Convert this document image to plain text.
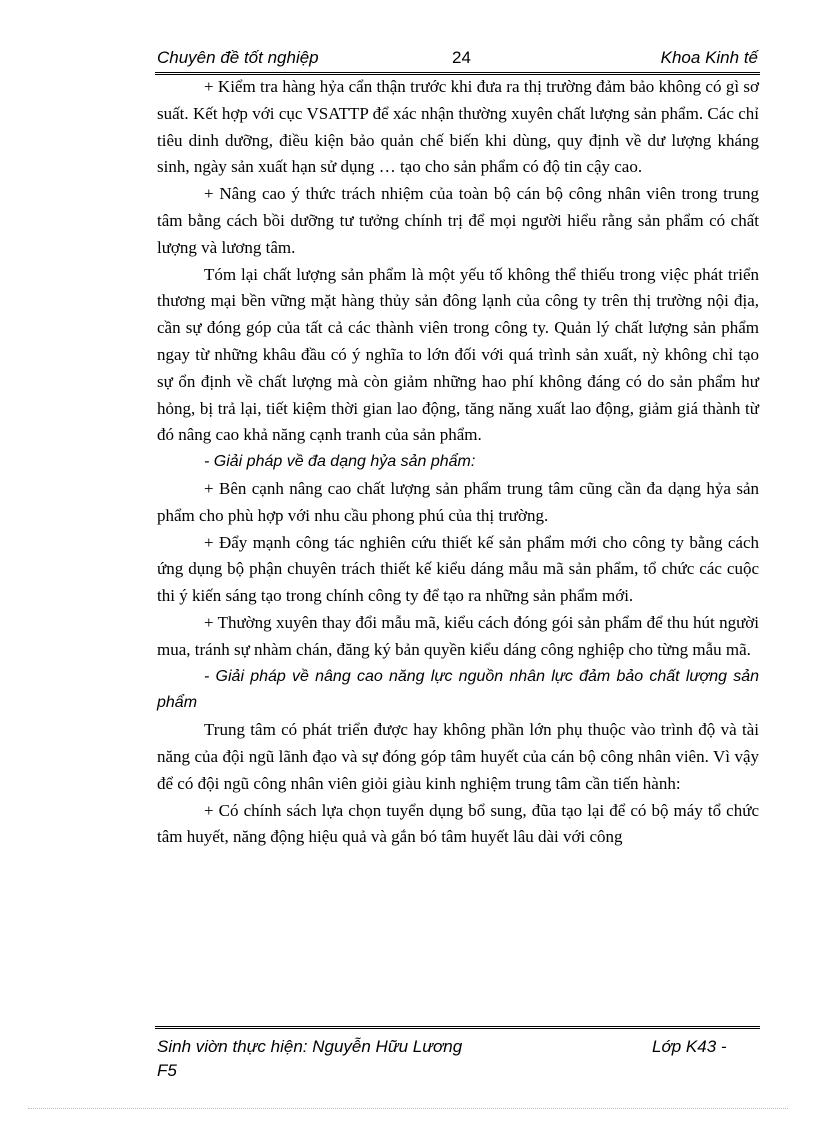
Chuyên đề tốt nghiệp	24	Khoa Kinh tế

+ Kiểm tra hàng hỷa cẩn thận trước khi đưa ra thị trường đảm bảo không có gì sơ suất. Kết hợp với cục VSATTP để xác nhận thường xuyên chất lượng sản phẩm. Các chỉ tiêu dinh dưỡng, điều kiện bảo quản chế biến khi dùng, quy định về dư lượng kháng sinh, ngày sản xuất hạn sử dụng … tạo cho sản phẩm có độ tin cậy cao.

+ Nâng cao ý thức trách nhiệm của toàn bộ cán bộ công nhân viên trong trung tâm bằng cách bồi dưỡng tư tưởng chính trị để mọi người hiểu rằng sản phẩm có chất lượng và lương tâm.

Tóm lại chất lượng sản phẩm là một yếu tố không thể thiếu trong việc phát triển thương mại bền vững mặt hàng thủy sản đông lạnh của công ty trên thị trường nội địa, cần sự đóng góp của tất cả các thành viên trong công ty. Quản lý chất lượng sản phẩm ngay từ những khâu đầu có ý nghĩa to lớn đối với quá trình sản xuất, nỳ không chỉ tạo sự ổn định về chất lượng mà còn giảm những hao phí không đáng có do sản phẩm hư hỏng, bị trả lại, tiết kiệm thời gian lao động, tăng năng xuất lao động, giảm giá thành từ đó nâng cao khả năng cạnh tranh của sản phẩm.

- Giải pháp về đa dạng hỷa sản phẩm:

+ Bên cạnh nâng cao chất lượng sản phẩm trung tâm cũng cần đa dạng hỷa sản phẩm cho phù hợp với nhu cầu phong phú của thị trường.

+ Đẩy mạnh công tác nghiên cứu thiết kế sản phẩm mới cho công ty bằng cách ứng dụng bộ phận chuyên trách thiết kế kiểu dáng mẫu mã sản phẩm, tổ chức các cuộc thi ý kiến sáng tạo trong chính công ty để tạo ra những sản phẩm mới.

+ Thường xuyên thay đổi mẫu mã, kiểu cách đóng gói sản phẩm để thu hút người mua, tránh sự nhàm chán, đăng ký bản quyền kiểu dáng công nghiệp cho từng mẫu mã.

- Giải pháp về nâng cao năng lực nguồn nhân lực đảm bảo chất lượng sản phẩm

Trung tâm có phát triển được hay không phần lớn phụ thuộc vào trình độ và tài năng của đội ngũ lãnh đạo và sự đóng góp tâm huyết của cán bộ công nhân viên. Vì vậy để có đội ngũ công nhân viên giỏi giàu kinh nghiệm trung tâm cần tiến hành:

+ Có chính sách lựa chọn tuyển dụng bổ sung, đũa tạo lại để có bộ máy tổ chức tâm huyết, năng động hiệu quả và gắn bó tâm huyết lâu dài với công

Sinh viờn thực hiện: Nguyễn Hữu Lương	Lớp K43 -
F5
